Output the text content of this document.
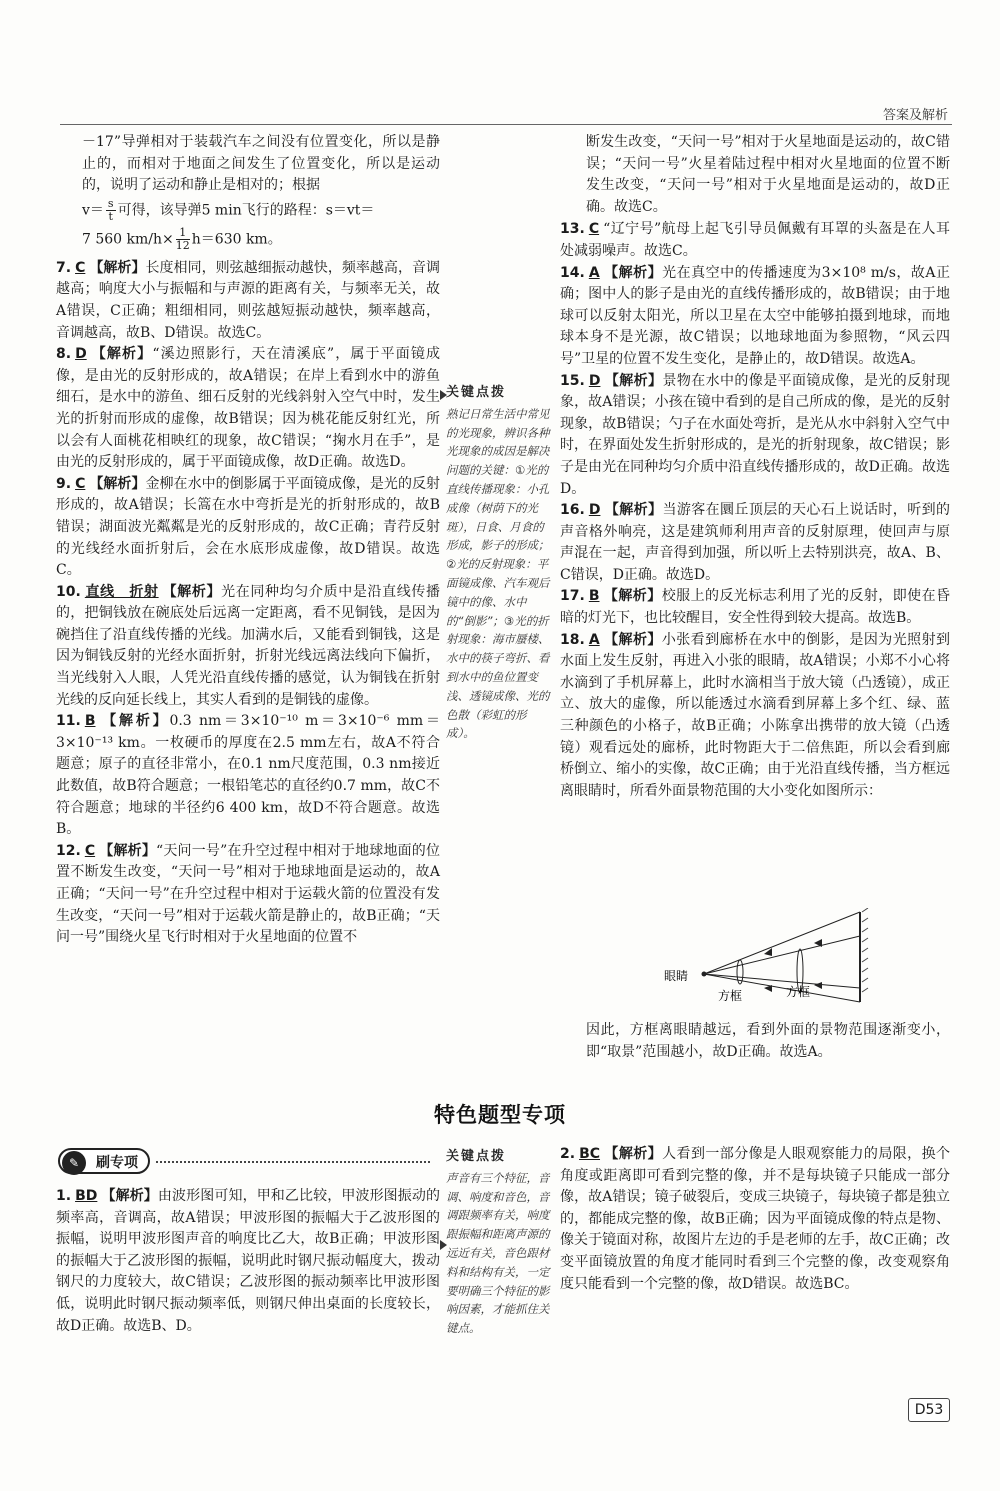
答案及解析

－17”导弹相对于装载汽车之间没有位置变化，所以是静止的，而相对于地面之间发生了位置变化，所以是运动的，说明了运动和静止是相对的；根据

$v= \frac{s}{t}$ 可得，该导弹5 min飞行的路程：s＝vt＝

7 560 $km/h\times \frac{1}{12} h=630$ km。

7. C 【解析】长度相同，则弦越细振动越快，频率越高，音调越高；响度大小与振幅和与声源的距离有关，与频率无关，故A错误，C正确；粗细相同，则弦越短振动越快，频率越高，音调越高，故B、D错误。故选C。

8. D 【解析】“溪边照影行，天在清溪底”，属于平面镜成像，是由光的反射形成的，故A错误；在岸上看到水中的游鱼细石，是水中的游鱼、细石反射的光线斜射入空气中时，发生光的折射而形成的虚像，故B错误；因为桃花能反射红光，所以会有人面桃花相映红的现象，故C错误；“掬水月在手”，是由光的反射形成的，属于平面镜成像，故D正确。故选D。

9. C 【解析】金柳在水中的倒影属于平面镜成像，是光的反射形成的，故A错误；长篙在水中弯折是光的折射形成的，故B错误；湖面波光粼粼是光的反射形成的，故C正确；青荇反射的光线经水面折射后，会在水底形成虚像，故D错误。故选C。

10. 直线　折射 【解析】光在同种均匀介质中是沿直线传播的，把铜钱放在碗底处后远离一定距离，看不见铜钱，是因为碗挡住了沿直线传播的光线。加满水后，又能看到铜钱，这是因为铜钱反射的光经水面折射，折射光线远离法线向下偏折，当光线射入人眼，人凭光沿直线传播的感觉，认为铜钱在折射光线的反向延长线上，其实人看到的是铜钱的虚像。

11. B 【解析】0.3 nm＝3×10⁻¹⁰ m＝3×10⁻⁶ mm＝3×10⁻¹³ km。一枚硬币的厚度在2.5 mm左右，故A不符合题意；原子的直径非常小，在0.1 nm尺度范围，0.3 nm接近此数值，故B符合题意；一根铅笔芯的直径约0.7 mm，故C不符合题意；地球的半径约6 400 km，故D不符合题意。故选B。

12. C 【解析】“天问一号”在升空过程中相对于地球地面的位置不断发生改变，“天问一号”相对于地球地面是运动的，故A正确；“天问一号”在升空过程中相对于运载火箭的位置没有发生改变，“天问一号”相对于运载火箭是静止的，故B正确；“天问一号”围绕火星飞行时相对于火星地面的位置不

关键点拨
熟记日常生活中常见的光现象，辨识各种光现象的成因是解决问题的关键：①光的直线传播现象：小孔成像（树荫下的光斑），日食、月食的形成，影子的形成；②光的反射现象：平面镜成像、汽车观后镜中的像、水中的“倒影”；③光的折射现象：海市蜃楼、水中的筷子弯折、看到水中的鱼位置变浅、透镜成像、光的色散（彩虹的形成）。

断发生改变，“天问一号”相对于火星地面是运动的，故C错误；“天问一号”火星着陆过程中相对火星地面的位置不断发生改变，“天问一号”相对于火星地面是运动的，故D正确。故选C。

13. C “辽宁号”航母上起飞引导员佩戴有耳罩的头盔是在人耳处减弱噪声。故选C。

14. A 【解析】光在真空中的传播速度为3×10⁸ m/s，故A正确；图中人的影子是由光的直线传播形成的，故B错误；由于地球可以反射太阳光，所以卫星在太空中能够拍摄到地球，而地球本身不是光源，故C错误；以地球地面为参照物，“风云四号”卫星的位置不发生变化，是静止的，故D错误。故选A。

15. D 【解析】景物在水中的像是平面镜成像，是光的反射现象，故A错误；小孩在镜中看到的是自己所成的像，是光的反射现象，故B错误；勺子在水面处弯折，是光从水中斜射入空气中时，在界面处发生折射形成的，是光的折射现象，故C错误；影子是由光在同种均匀介质中沿直线传播形成的，故D正确。故选D。

16. D 【解析】当游客在圜丘顶层的天心石上说话时，听到的声音格外响亮，这是建筑师利用声音的反射原理，使回声与原声混在一起，声音得到加强，所以听上去特别洪亮，故A、B、C错误，D正确。故选D。

17. B 【解析】校服上的反光标志利用了光的反射，即使在昏暗的灯光下，也比较醒目，安全性得到较大提高。故选B。

18. A 【解析】小张看到廊桥在水中的倒影，是因为光照射到水面上发生反射，再进入小张的眼睛，故A错误；小郑不小心将水滴到了手机屏幕上，此时水滴相当于放大镜（凸透镜），成正立、放大的虚像，所以能透过水滴看到屏幕上多个红、绿、蓝三种颜色的小格子，故B正确；小陈拿出携带的放大镜（凸透镜）观看远处的廊桥，此时物距大于二倍焦距，所以会看到廊桥倒立、缩小的实像，故C正确；由于光沿直线传播，当方框远离眼睛时，所看外面景物范围的大小变化如图所示：

眼睛
方框	方框

因此，方框离眼睛越远，看到外面的景物范围逐渐变小，即“取景”范围越小，故D正确。故选A。

特色题型专项
✎	刷专项

1. BD 【解析】由波形图可知，甲和乙比较，甲波形图振动的频率高，音调高，故A错误；甲波形图的振幅大于乙波形图的振幅，说明甲波形图声音的响度比乙大，故B正确；甲波形图的振幅大于乙波形图的振幅，说明此时钢尺振动幅度大，拨动钢尺的力度较大，故C错误；乙波形图的振动频率比甲波形图低，说明此时钢尺振动频率低，则钢尺伸出桌面的长度较长，故D正确。故选B、D。

关键点拨
声音有三个特征，音调、响度和音色，音调跟频率有关，响度跟振幅和距离声源的远近有关，音色跟材料和结构有关，一定要明确三个特征的影响因素，才能抓住关键点。

2. BC 【解析】人看到一部分像是人眼观察能力的局限，换个角度或距离即可看到完整的像，并不是每块镜子只能成一部分像，故A错误；镜子破裂后，变成三块镜子，每块镜子都是独立的，都能成完整的像，故B正确；因为平面镜成像的特点是物、像关于镜面对称，故图片左边的手是老师的左手，故C正确；改变平面镜放置的角度才能同时看到三个完整的像，改变观察角度只能看到一个完整的像，故D错误。故选BC。

D53
